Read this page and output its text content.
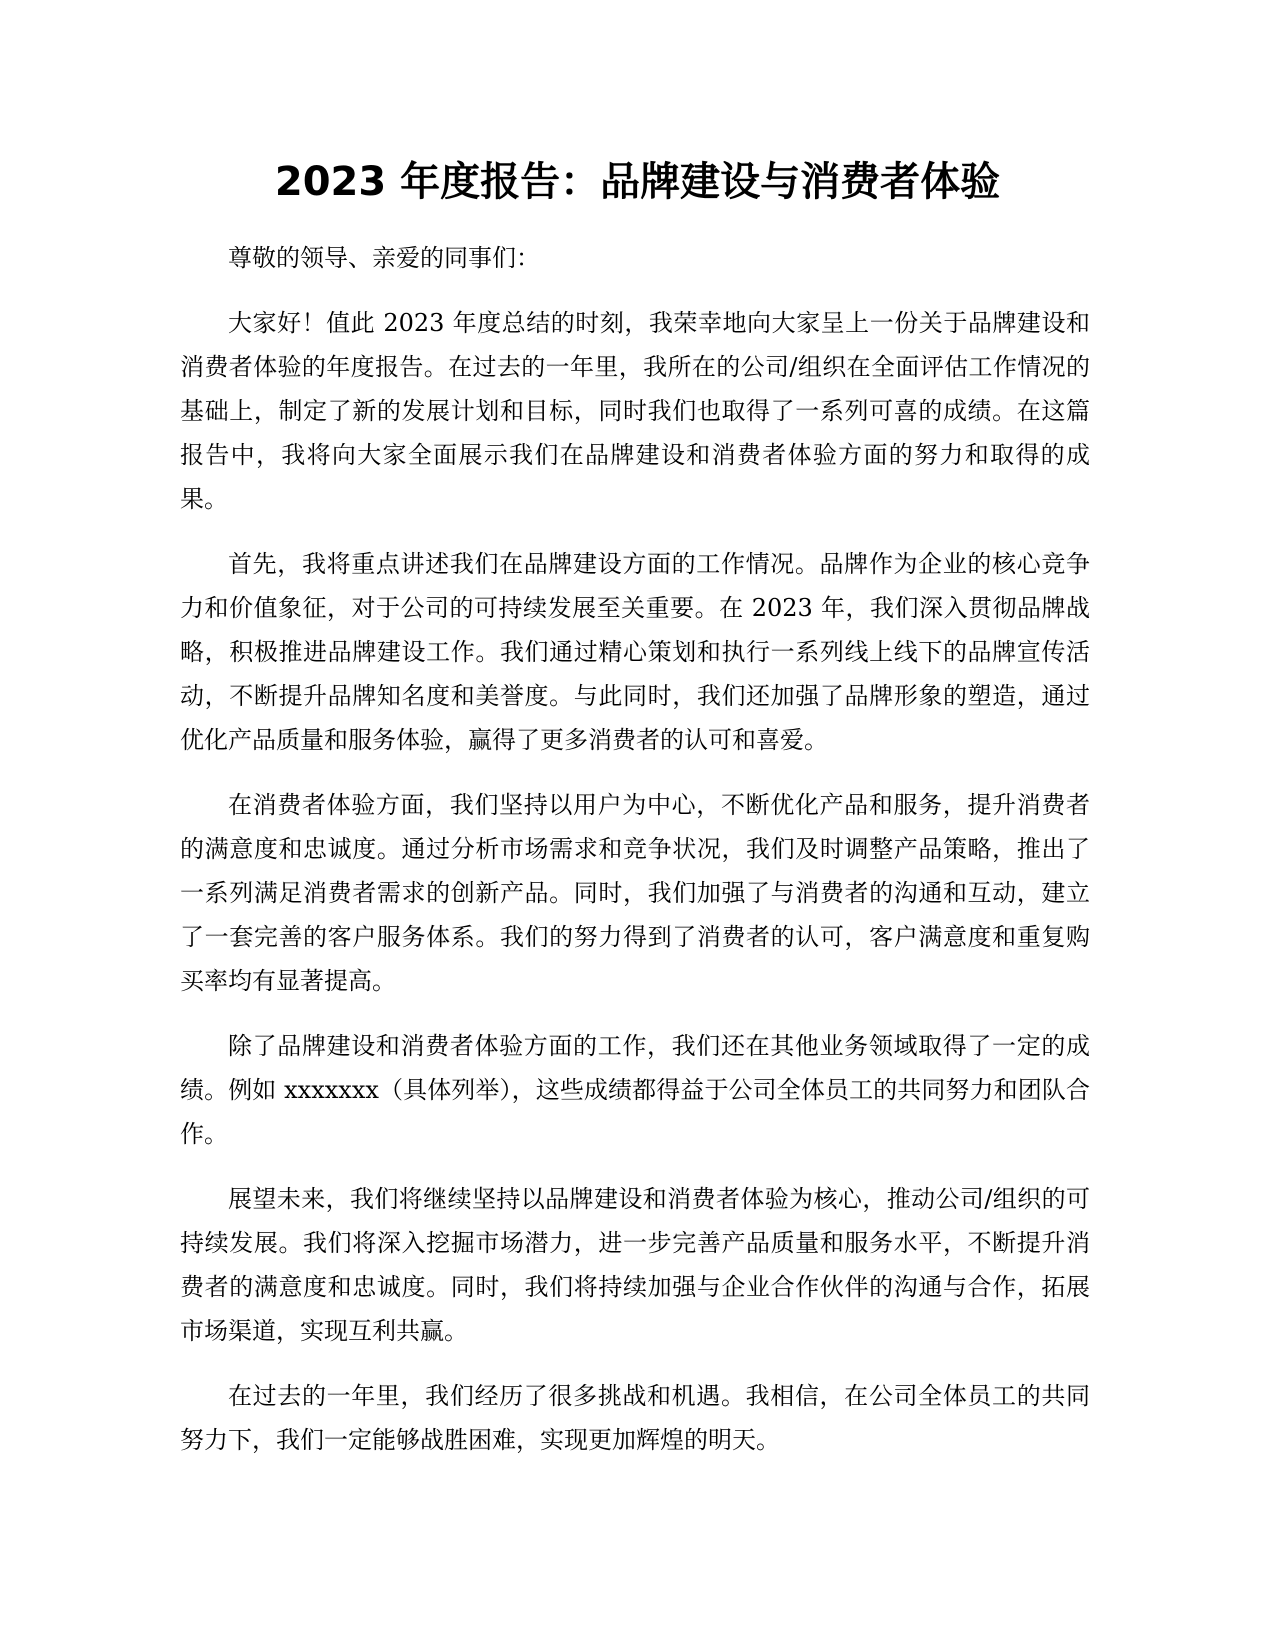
2023 年度报告：品牌建设与消费者体验

尊敬的领导、亲爱的同事们：

大家好！值此 2023 年度总结的时刻，我荣幸地向大家呈上一份关于品牌建设和消费者体验的年度报告。在过去的一年里，我所在的公司/组织在全面评估工作情况的基础上，制定了新的发展计划和目标，同时我们也取得了一系列可喜的成绩。在这篇报告中，我将向大家全面展示我们在品牌建设和消费者体验方面的努力和取得的成果。

首先，我将重点讲述我们在品牌建设方面的工作情况。品牌作为企业的核心竞争力和价值象征，对于公司的可持续发展至关重要。在 2023 年，我们深入贯彻品牌战略，积极推进品牌建设工作。我们通过精心策划和执行一系列线上线下的品牌宣传活动，不断提升品牌知名度和美誉度。与此同时，我们还加强了品牌形象的塑造，通过优化产品质量和服务体验，赢得了更多消费者的认可和喜爱。

在消费者体验方面，我们坚持以用户为中心，不断优化产品和服务，提升消费者的满意度和忠诚度。通过分析市场需求和竞争状况，我们及时调整产品策略，推出了一系列满足消费者需求的创新产品。同时，我们加强了与消费者的沟通和互动，建立了一套完善的客户服务体系。我们的努力得到了消费者的认可，客户满意度和重复购买率均有显著提高。

除了品牌建设和消费者体验方面的工作，我们还在其他业务领域取得了一定的成绩。例如 xxxxxxx（具体列举），这些成绩都得益于公司全体员工的共同努力和团队合作。

展望未来，我们将继续坚持以品牌建设和消费者体验为核心，推动公司/组织的可持续发展。我们将深入挖掘市场潜力，进一步完善产品质量和服务水平，不断提升消费者的满意度和忠诚度。同时，我们将持续加强与企业合作伙伴的沟通与合作，拓展市场渠道，实现互利共赢。

在过去的一年里，我们经历了很多挑战和机遇。我相信，在公司全体员工的共同努力下，我们一定能够战胜困难，实现更加辉煌的明天。
